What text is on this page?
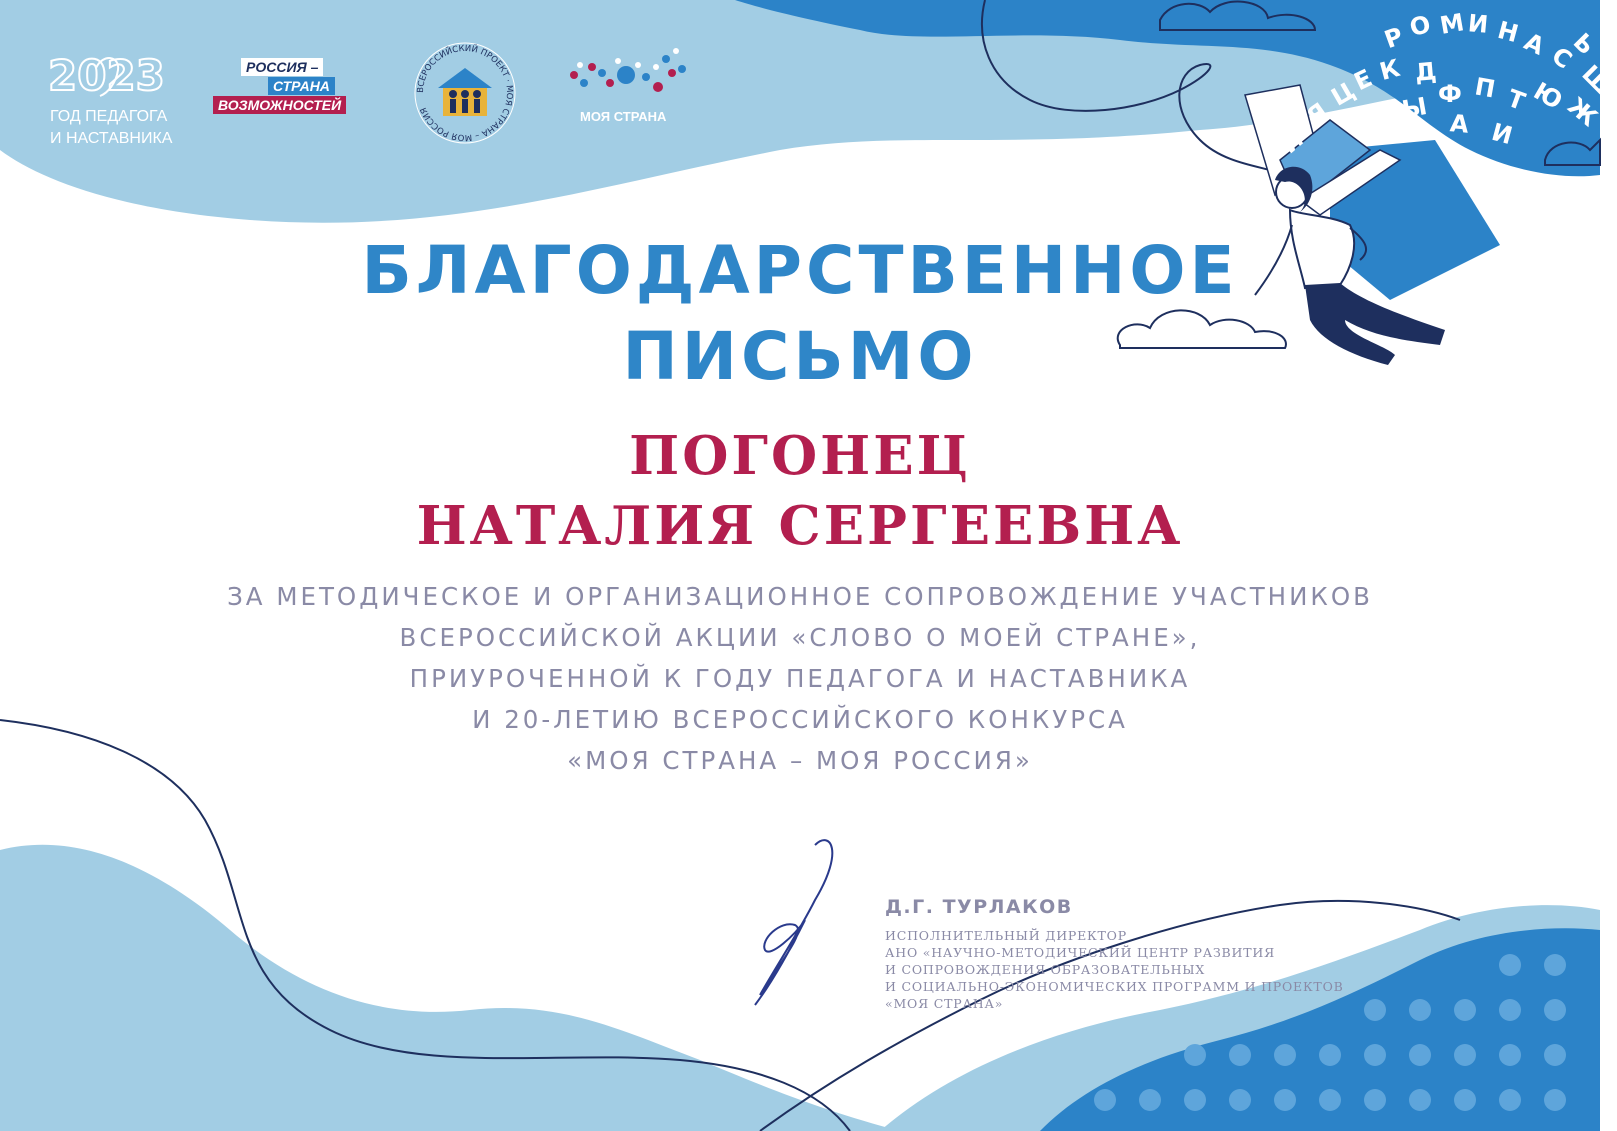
Р О М И Н
А
С
Ь
Е К
Ц
Я
Д
Ф П Т Ю
Ж
Й
Ы
А И
Ш
2023
ГОД ПЕДАГОГА
И НАСТАВНИКА
РОССИЯ –
СТРАНА
ВОЗМОЖНОСТЕЙ
ВСЕРОССИЙСКИЙ ПРОЕКТ · МОЯ СТРАНА – МОЯ РОССИЯ	МОЯ СТРАНА
БЛАГОДАРСТВЕННОЕ
ПИСЬМО
ПОГОНЕЦ
НАТАЛИЯ СЕРГЕЕВНА
ЗА МЕТОДИЧЕСКОЕ И ОРГАНИЗАЦИОННОЕ СОПРОВОЖДЕНИЕ УЧАСТНИКОВ
ВСЕРОССИЙСКОЙ АКЦИИ «СЛОВО О МОЕЙ СТРАНЕ»,
ПРИУРОЧЕННОЙ К ГОДУ ПЕДАГОГА И НАСТАВНИКА
И 20-ЛЕТИЮ ВСЕРОССИЙСКОГО КОНКУРСА
«МОЯ СТРАНА – МОЯ РОССИЯ»
Д.Г. ТУРЛАКОВ
ИСПОЛНИТЕЛЬНЫЙ ДИРЕКТОР
АНО «НАУЧНО-МЕТОДИЧЕСКИЙ ЦЕНТР РАЗВИТИЯ
И СОПРОВОЖДЕНИЯ ОБРАЗОВАТЕЛЬНЫХ
И СОЦИАЛЬНО-ЭКОНОМИЧЕСКИХ ПРОГРАММ И ПРОЕКТОВ
«МОЯ СТРАНА»
